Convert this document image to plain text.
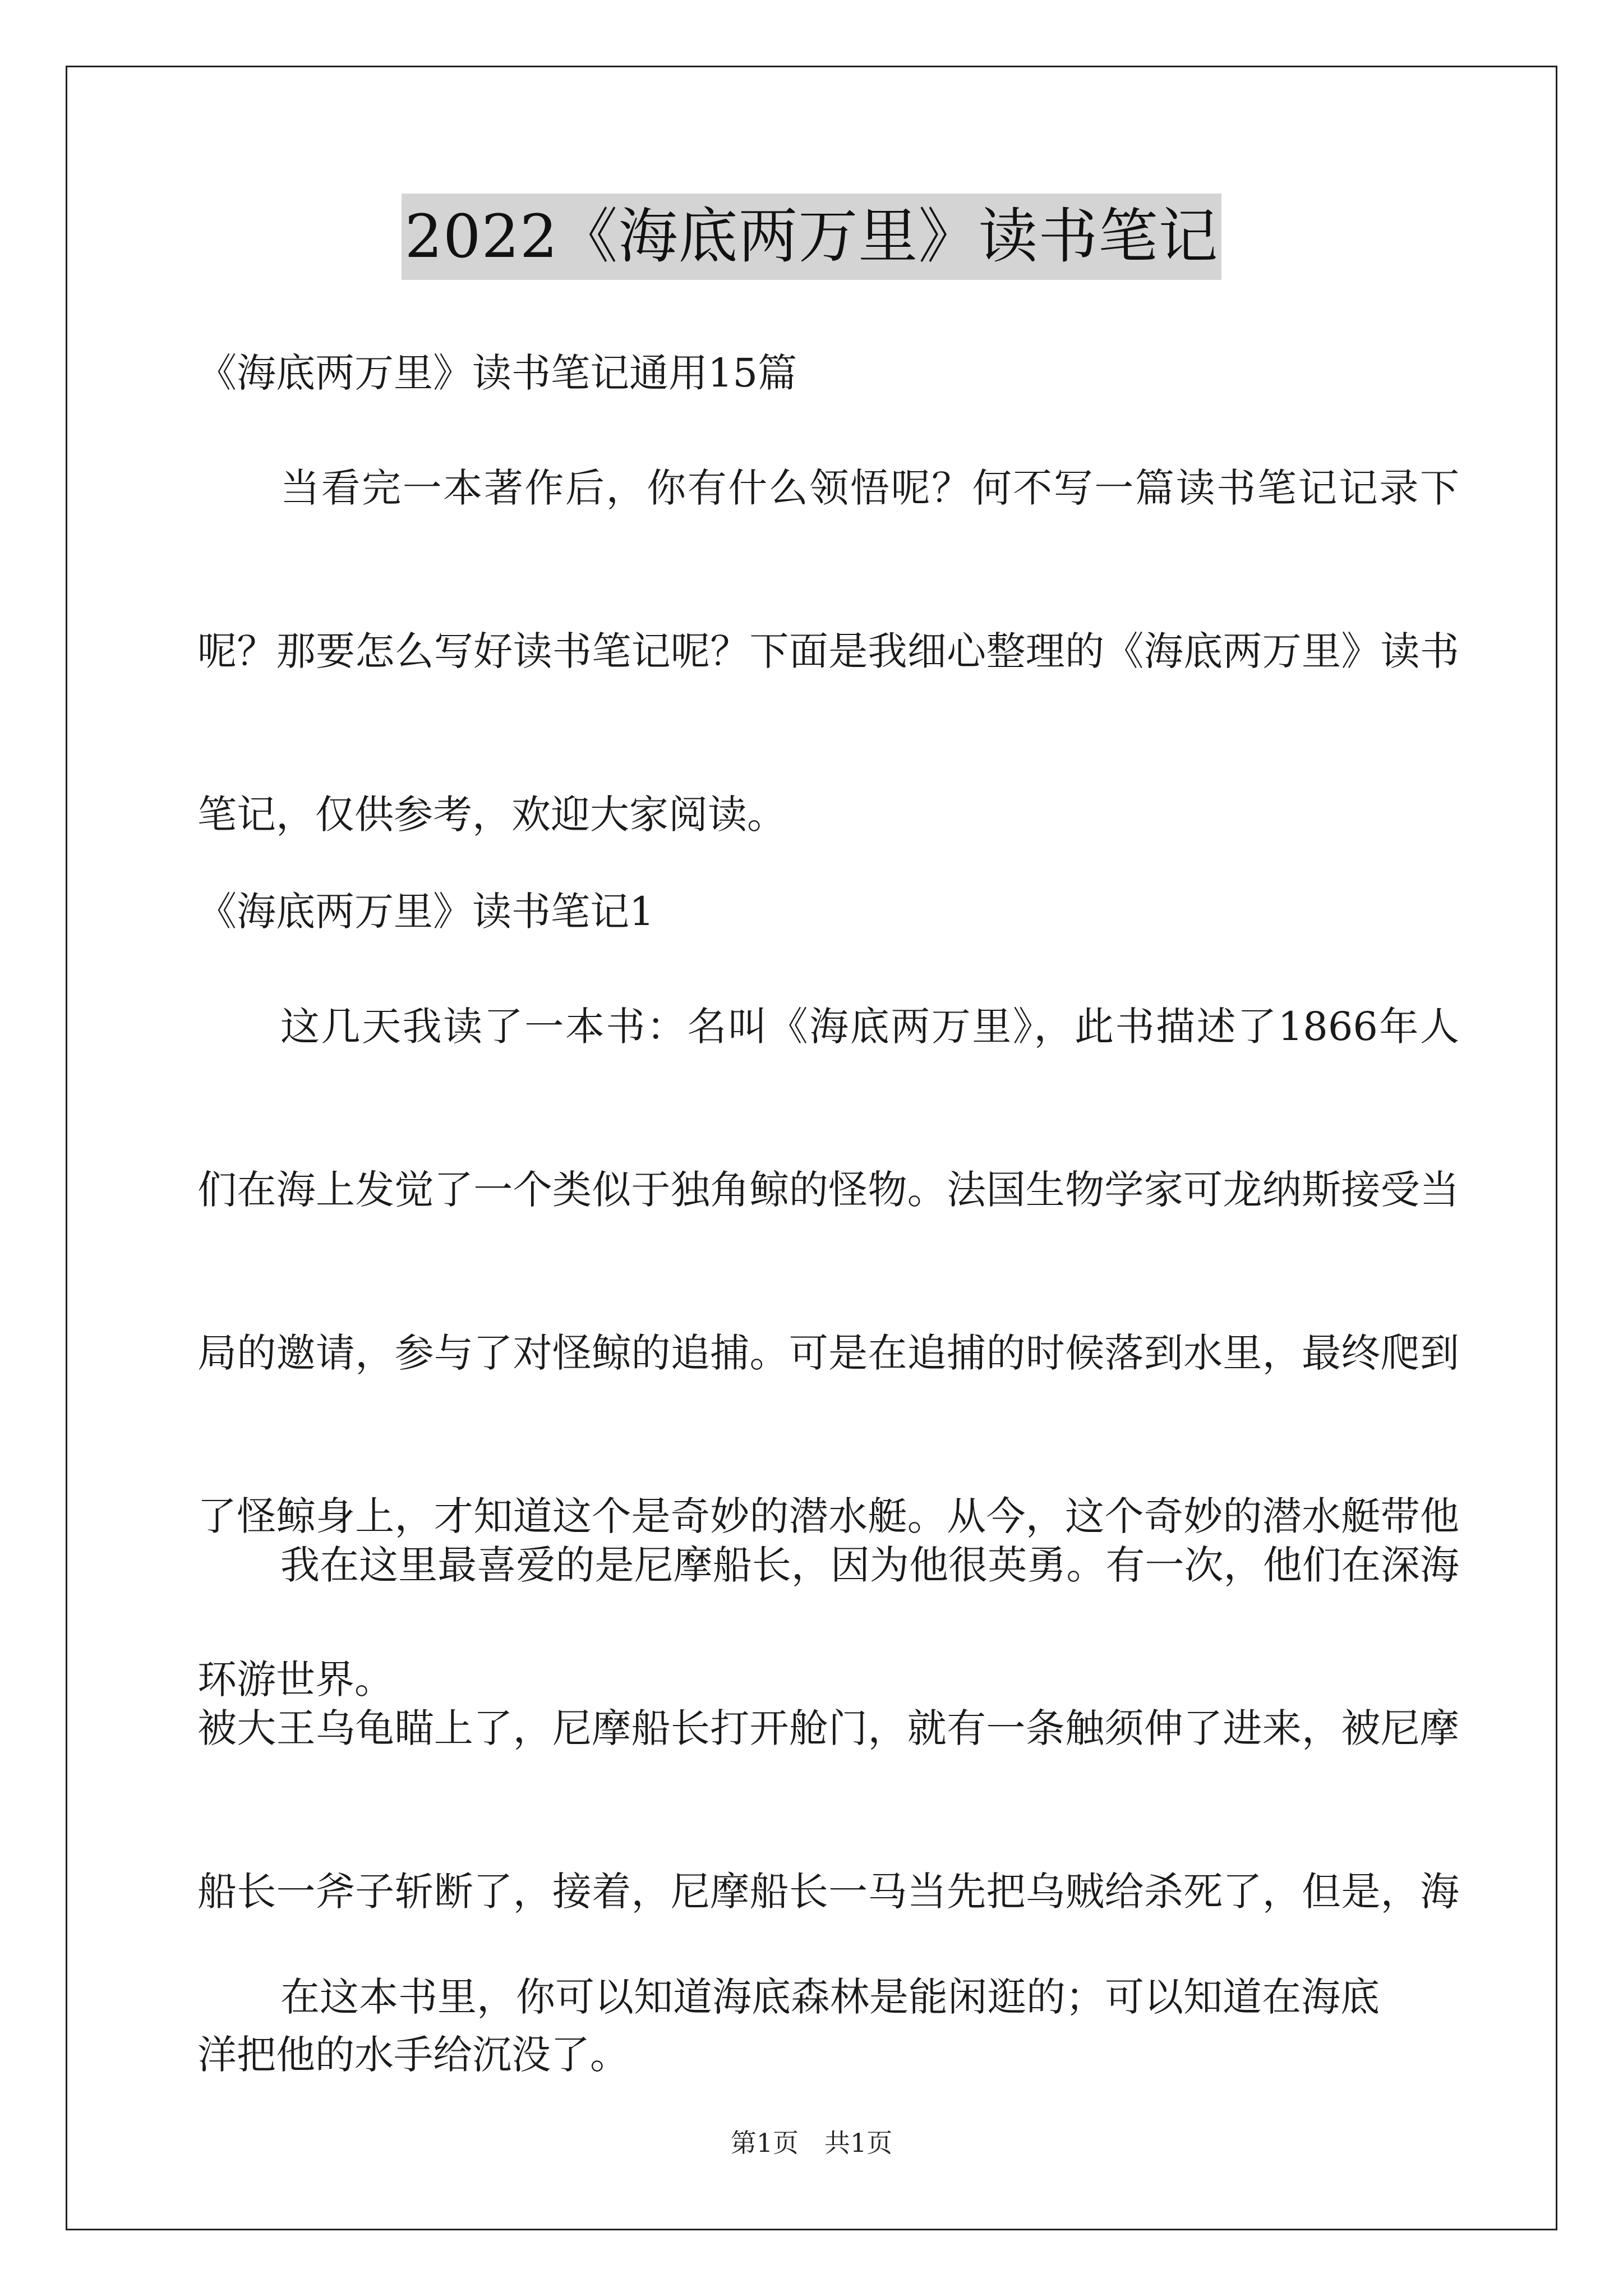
2022《海底两万里》读书笔记
《海底两万里》读书笔记通用15篇

当看完一本著作后，你有什么领悟呢？何不写一篇读书笔记记录下呢？那要怎么写好读书笔记呢？下面是我细心整理的《海底两万里》读书笔记，仅供参考，欢迎大家阅读。

《海底两万里》读书笔记1

这几天我读了一本书：名叫《海底两万里》，此书描述了1866年人们在海上发觉了一个类似于独角鲸的怪物。法国生物学家可龙纳斯接受当局的邀请，参与了对怪鲸的追捕。可是在追捕的时候落到水里，最终爬到了怪鲸身上，才知道这个是奇妙的潜水艇。从今，这个奇妙的潜水艇带他环游世界。

我在这里最喜爱的是尼摩船长，因为他很英勇。有一次，他们在深海被大王乌龟瞄上了，尼摩船长打开舱门，就有一条触须伸了进来，被尼摩船长一斧子斩断了，接着，尼摩船长一马当先把乌贼给杀死了，但是，海洋把他的水手给沉没了。

在这本书里，你可以知道海底森林是能闲逛的；可以知道在海底

第1页　共1页
